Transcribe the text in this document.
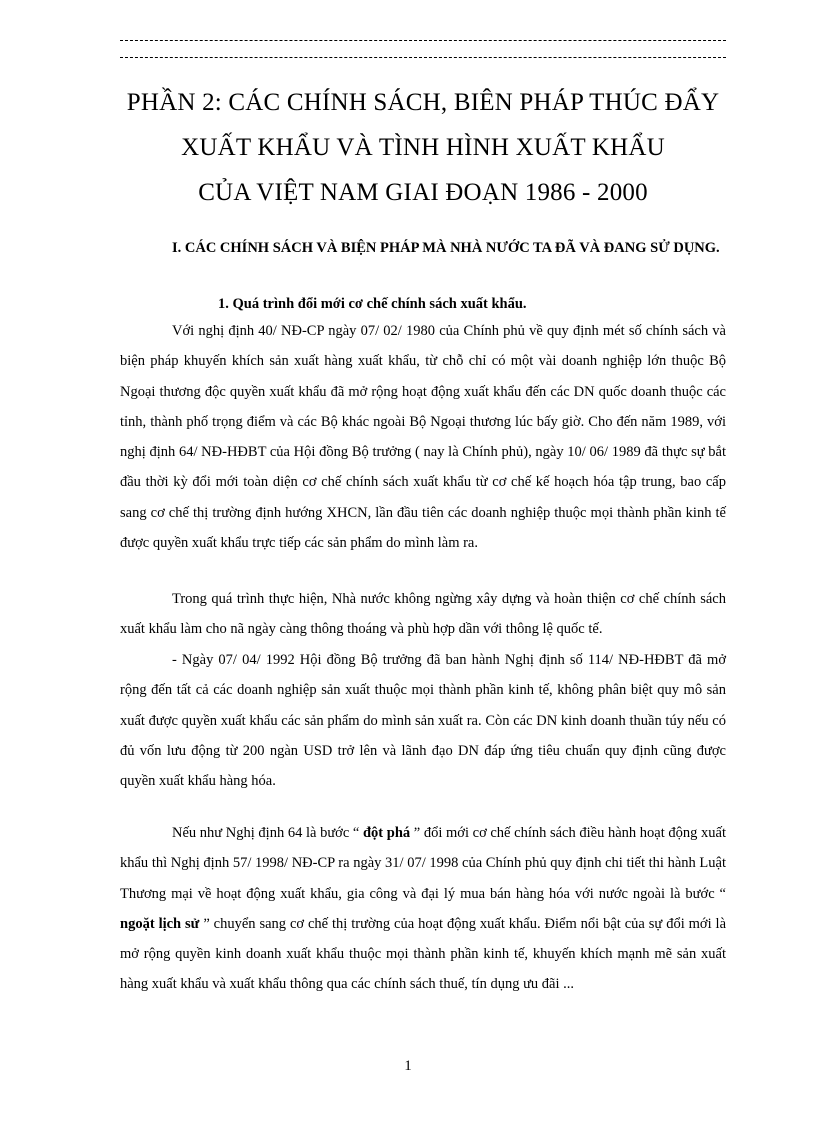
PHẦN 2: CÁC CHÍNH SÁCH, BIÊN PHÁP THÚC ĐẨY
XUẤT KHẨU VÀ TÌNH HÌNH XUẤT KHẨU
CỦA VIỆT NAM GIAI ĐOẠN 1986 - 2000
I. CÁC CHÍNH SÁCH VÀ BIỆN PHÁP MÀ NHÀ NƯỚC TA ĐÃ VÀ ĐANG SỬ DỤNG.
1. Quá trình đổi mới cơ chế chính sách xuất khẩu.

Với nghị định 40/ NĐ-CP ngày 07/ 02/ 1980 của Chính phủ về quy định mét số chính sách và biện pháp khuyến khích sản xuất hàng xuất khẩu, từ chỗ chỉ có một vài doanh nghiệp lớn thuộc Bộ Ngoại thương độc quyền xuất khẩu đã mở rộng hoạt động xuất khẩu đến các DN quốc doanh thuộc các tỉnh, thành phố trọng điểm và các Bộ khác ngoài Bộ Ngoại thương lúc bấy giờ. Cho đến năm 1989, với nghị định 64/ NĐ-HĐBT của Hội đồng Bộ trưởng ( nay là Chính phủ), ngày 10/ 06/ 1989 đã thực sự bắt đầu thời kỳ đổi mới toàn diện cơ chế chính sách xuất khẩu từ cơ chế kế hoạch hóa tập trung, bao cấp sang cơ chế thị trường định hướng XHCN, lần đầu tiên các doanh nghiệp thuộc mọi thành phần kinh tế được quyền xuất khẩu trực tiếp các sản phẩm do mình làm ra.

Trong quá trình thực hiện, Nhà nước không ngừng xây dựng và hoàn thiện cơ chế chính sách xuất khẩu làm cho nã ngày càng thông thoáng và phù hợp dần với thông lệ quốc tế.

- Ngày 07/ 04/ 1992 Hội đồng Bộ trưởng đã ban hành Nghị định số 114/ NĐ-HĐBT đã mở rộng đến tất cả các doanh nghiệp sản xuất thuộc mọi thành phần kinh tế, không phân biệt quy mô sản xuất được quyền xuất khẩu các sản phẩm do mình sản xuất ra. Còn các DN kinh doanh thuần túy nếu có đủ vốn lưu động từ 200 ngàn USD trở lên và lãnh đạo DN đáp ứng tiêu chuẩn quy định cũng được quyền xuất khẩu hàng hóa.

Nếu như Nghị định 64 là bước “ đột phá ” đổi mới cơ chế chính sách điều hành hoạt động xuất khẩu thì Nghị định 57/ 1998/ NĐ-CP ra ngày 31/ 07/ 1998 của Chính phủ quy định chi tiết thi hành Luật Thương mại về hoạt động xuất khẩu, gia công và đại lý mua bán hàng hóa với nước ngoài là bước “ ngoặt lịch sử ” chuyển sang cơ chế thị trường của hoạt động xuất khẩu. Điểm nổi bật của sự đổi mới là mở rộng quyền kinh doanh xuất khẩu thuộc mọi thành phần kinh tế, khuyến khích mạnh mẽ sản xuất hàng xuất khẩu và xuất khẩu thông qua các chính sách thuế, tín dụng ưu đãi ...

1
